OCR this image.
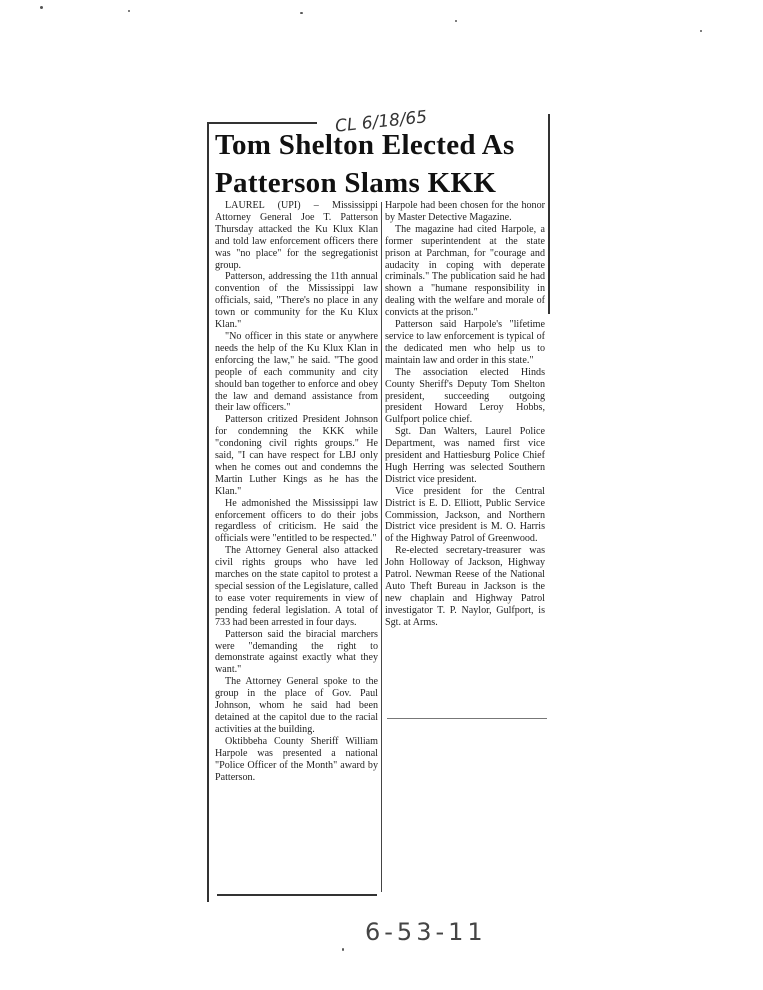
CL 6/18/65
Tom Shelton Elected As
Patterson Slams KKK

LAUREL (UPI) – Mississippi Attorney General Joe T. Patterson Thursday attacked the Ku Klux Klan and told law enforcement officers there was "no place" for the segregationist group.

Patterson, addressing the 11th annual convention of the Mississippi law officials, said, "There's no place in any town or community for the Ku Klux Klan."

"No officer in this state or anywhere needs the help of the Ku Klux Klan in enforcing the law," he said. "The good people of each community and city should ban together to enforce and obey the law and demand assistance from their law officers."

Patterson critized President Johnson for condemning the KKK while "condoning civil rights groups." He said, "I can have respect for LBJ only when he comes out and condemns the Martin Luther Kings as he has the Klan."

He admonished the Mississippi law enforcement officers to do their jobs regardless of criticism. He said the officials were "entitled to be respected."

The Attorney General also attacked civil rights groups who have led marches on the state capitol to protest a special session of the Legislature, called to ease voter requirements in view of pending federal legislation. A total of 733 had been arrested in four days.

Patterson said the biracial marchers were "demanding the right to demonstrate against exactly what they want."

The Attorney General spoke to the group in the place of Gov. Paul Johnson, whom he said had been detained at the capitol due to the racial activities at the building.

Oktibbeha County Sheriff William Harpole was presented a national "Police Officer of the Month" award by Patterson.

Harpole had been chosen for the honor by Master Detective Magazine.

The magazine had cited Harpole, a former superintendent at the state prison at Parchman, for "courage and audacity in coping with deperate criminals." The publication said he had shown a "humane responsibility in dealing with the welfare and morale of convicts at the prison."

Patterson said Harpole's "lifetime service to law enforcement is typical of the dedicated men who help us to maintain law and order in this state."

The association elected Hinds County Sheriff's Deputy Tom Shelton president, succeeding outgoing president Howard Leroy Hobbs, Gulfport police chief.

Sgt. Dan Walters, Laurel Police Department, was named first vice president and Hattiesburg Police Chief Hugh Herring was selected Southern District vice president.

Vice president for the Central District is E. D. Elliott, Public Service Commission, Jackson, and Northern District vice president is M. O. Harris of the Highway Patrol of Greenwood.

Re-elected secretary-treasurer was John Holloway of Jackson, Highway Patrol. Newman Reese of the National Auto Theft Bureau in Jackson is the new chaplain and Highway Patrol investigator T. P. Naylor, Gulfport, is Sgt. at Arms.

6-53-11
